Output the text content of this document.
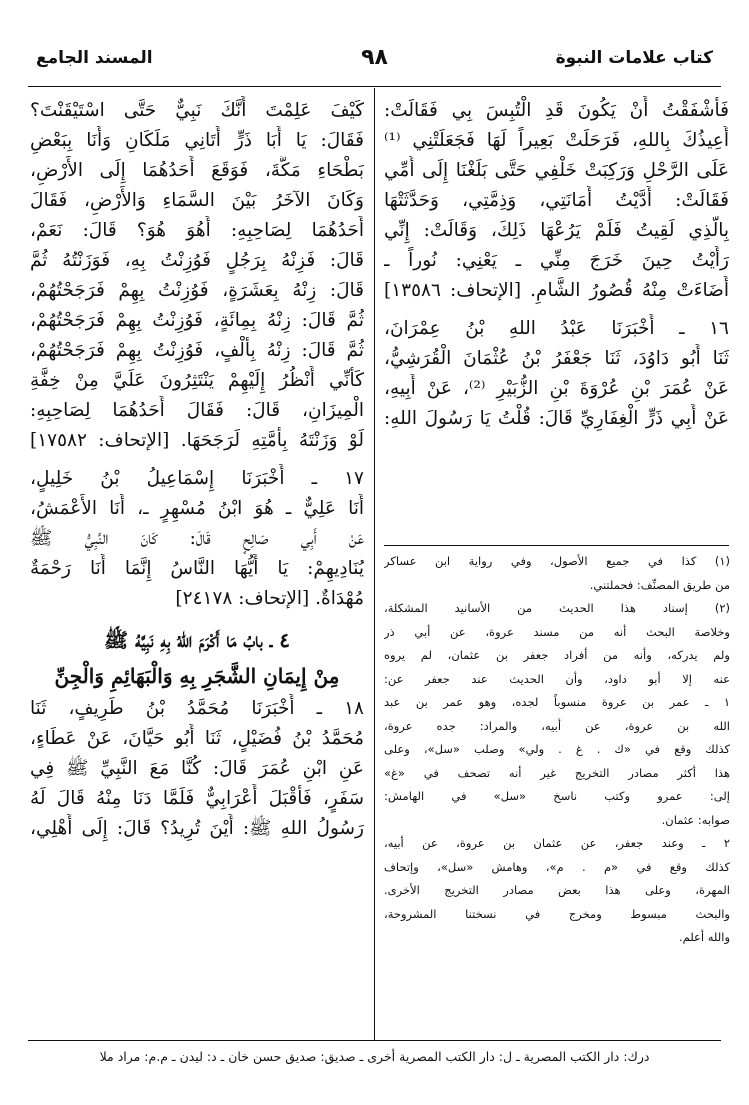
كتاب علامات النبوة
٩٨
المسند الجامع
فَأَشْفَقْتُ أَنْ يَكُونَ قَدِ الْتُبِسَ بِي فَقَالَتْ:
أُعِيذُكَ بِاللهِ، فَرَحَلَتْ بَعِيراً لَهَا فَجَعَلَتْنِي ⁽¹⁾
عَلَى الرَّحْلِ وَرَكِبَتْ خَلْفِي حَتَّى بَلَغْنَا إِلَى أُمِّي
فَقَالَتْ: أَدَّيْتُ أَمَانَتِي، وَذِمَّتِي، وَحَدَّثَتْهَا
بِالَّذِي لَقِيتُ فَلَمْ يَرُعْهَا ذَلِكَ، وَقَالَتْ: إِنِّي
رَأَيْتُ حِينَ خَرَجَ مِنِّي ـ يَعْنِي: نُوراً ـ
أَضَاءَتْ مِنْهُ قُصُورُ الشَّامِ. [الإتحاف: ١٣٥٨٦]
١٦ ـ أَخْبَرَنَا عَبْدُ اللهِ بْنُ عِمْرَانَ،
ثَنَا أَبُو دَاوُدَ، ثَنَا جَعْفَرُ بْنُ عُثْمَانَ الْقُرَشِيُّ،
عَنْ عُمَرَ بْنِ عُرْوَةَ بْنِ الزُّبَيْرِ ⁽²⁾، عَنْ أَبِيهِ،
عَنْ أَبِي ذَرٍّ الْغِفَارِيِّ قَالَ: قُلْتُ يَا رَسُولَ اللهِ:
(١) كذا في جميع الأصول، وفي رواية ابن عساكر
من طريق المصنِّف: فحملتني.
(٢) إسناد هذا الحديث من الأسانيد المشكلة،
وخلاصة البحث أنه من مسند عروة، عن أبي ذر
ولم يدركه، وأنه من أفراد جعفر بن عثمان، لم يروه
عنه إلا أبو داود، وأن الحديث عند جعفر عن:
١ ـ عمر بن عروة منسوباً لجده، وهو عمر بن عبد
الله بن عروة، عن أبيه، والمراد: جده عروة،
كذلك وقع في «ك . غ . ولي» وصلب «سل»، وعلى
هذا أكثر مصادر التخريج غير أنه تصحف في «غ»
إلى: عمرو وكتب ناسخ «سل» في الهامش:
صوابه: عثمان.
٢ ـ وعند جعفر، عن عثمان بن عروة، عن أبيه،
كذلك وقع في «م . م»، وهامش «سل»، وإتحاف
المهرة، وعلى هذا بعض مصادر التخريج الأخرى.
والبحث مبسوط ومخرج في نسختنا المشروحة،
والله أعلم.
كَيْفَ عَلِمْتَ أَنَّكَ نَبِيٌّ حَتَّى اسْتَيْقَنْتَ؟
فَقَالَ: يَا أَبَا ذَرٍّ أَتَانِي مَلَكَانِ وَأَنَا بِبَعْضِ
بَطْحَاءِ مَكَّةَ، فَوَقَعَ أَحَدُهُمَا إِلَى الأَرْضِ،
وَكَانَ الآخَرُ بَيْنَ السَّمَاءِ وَالأَرْضِ، فَقَالَ
أَحَدُهُمَا لِصَاحِبِهِ: أَهُوَ هُوَ؟ قَالَ: نَعَمْ،
قَالَ: فَزِنْهُ بِرَجُلٍ فَوُزِنْتُ بِهِ، فَوَزَنْتُهُ ثُمَّ
قَالَ: زِنْهُ بِعَشَرَةٍ، فَوُزِنْتُ بِهِمْ فَرَجَحْتُهُمْ،
ثُمَّ قَالَ: زِنْهُ بِمِائَةٍ، فَوُزِنْتُ بِهِمْ فَرَجَحْتُهُمْ،
ثُمَّ قَالَ: زِنْهُ بِأَلْفٍ، فَوُزِنْتُ بِهِمْ فَرَجَحْتُهُمْ،
كَأَنِّي أَنْظُرُ إِلَيْهِمْ يَنْتَثِرُونَ عَلَيَّ مِنْ خِفَّةِ
الْمِيزَانِ، قَالَ: فَقَالَ أَحَدُهُمَا لِصَاحِبِهِ:
لَوْ وَزَنْتَهُ بِأُمَّتِهِ لَرَجَحَهَا. [الإتحاف: ١٧٥٨٢]
١٧ ـ أَخْبَرَنَا إِسْمَاعِيلُ بْنُ خَلِيلٍ،
أَنَا عَلِيٌّ ـ هُوَ ابْنُ مُسْهِرٍ ـ، أَنَا الأَعْمَشُ،
عَنْ أَبِي صَالِحٍ قَالَ: كَانَ النَّبِيُّ ﷺ
يُنَادِيهِمْ: يَا أَيُّهَا النَّاسُ إِنَّمَا أَنَا رَحْمَةٌ
مُهْدَاةٌ. [الإتحاف: ٢٤١٧٨]
٤ ـ بابُ مَا أَكْرَمَ اللهُ بِهِ نَبِيَّهُ ﷺ
مِنْ إِيمَانِ الشَّجَرِ بِهِ وَالْبَهَائِمِ وَالْجِنِّ
١٨ ـ أَخْبَرَنَا مُحَمَّدُ بْنُ طَرِيفٍ، ثَنَا
مُحَمَّدُ بْنُ فُضَيْلٍ، ثَنَا أَبُو حَيَّانَ، عَنْ عَطَاءٍ،
عَنِ ابْنِ عُمَرَ قَالَ: كُنَّا مَعَ النَّبِيِّ ﷺ فِي
سَفَرٍ، فَأَقْبَلَ أَعْرَابِيٌّ فَلَمَّا دَنَا مِنْهُ قَالَ لَهُ
رَسُولُ اللهِ ﷺ: أَيْنَ تُرِيدُ؟ قَالَ: إِلَى أَهْلِي،
درك: دار الكتب المصرية ـ ل: دار الكتب المصرية أخرى ـ صديق: صديق حسن خان ـ د: ليدن ـ م.م: مراد ملا
